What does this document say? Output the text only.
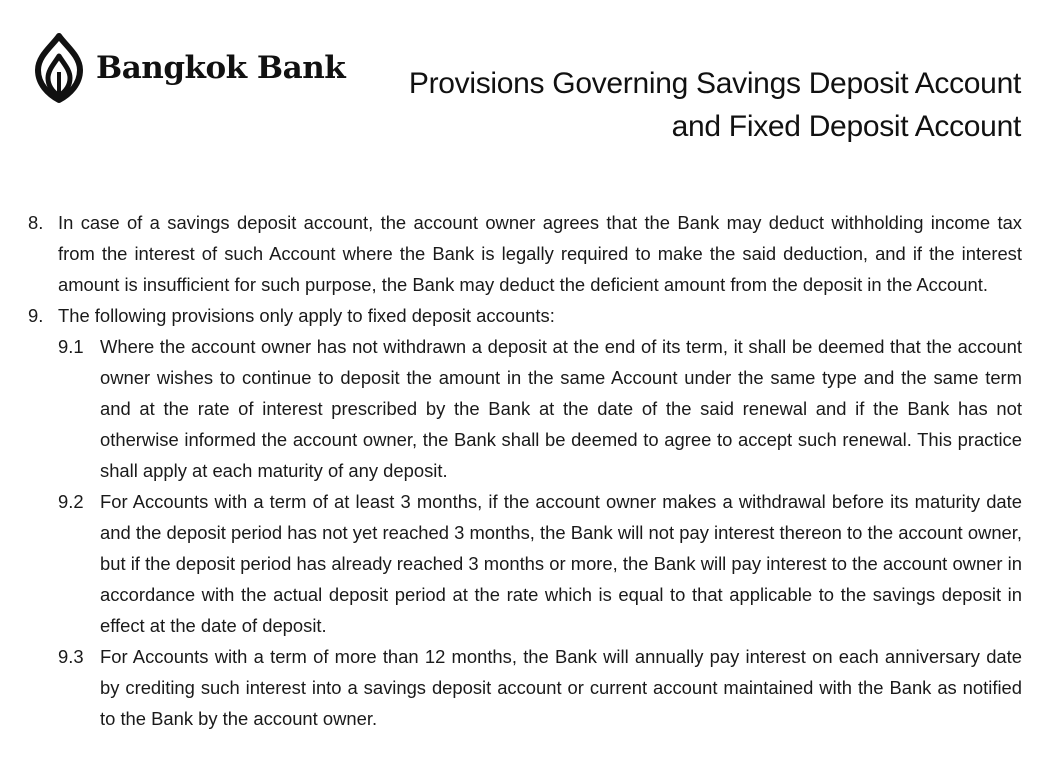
Bangkok Bank Provisions Governing Savings Deposit Account
and Fixed Deposit Account
8. In case of a savings deposit account, the account owner agrees that the Bank may deduct withholding income tax from the interest of such Account where the Bank is legally required to make the said deduction, and if the interest amount is insufficient for such purpose, the Bank may deduct the deficient amount from the deposit in the Account.
9. The following provisions only apply to fixed deposit accounts:
9.1 Where the account owner has not withdrawn a deposit at the end of its term, it shall be deemed that the account owner wishes to continue to deposit the amount in the same Account under the same type and the same term and at the rate of interest prescribed by the Bank at the date of the said renewal and if the Bank has not otherwise informed the account owner, the Bank shall be deemed to agree to accept such renewal. This practice shall apply at each maturity of any deposit.
9.2 For Accounts with a term of at least 3 months, if the account owner makes a withdrawal before its maturity date and the deposit period has not yet reached 3 months, the Bank will not pay interest thereon to the account owner, but if the deposit period has already reached 3 months or more, the Bank will pay interest to the account owner in accordance with the actual deposit period at the rate which is equal to that applicable to the savings deposit in effect at the date of deposit.
9.3 For Accounts with a term of more than 12 months, the Bank will annually pay interest on each anniversary date by crediting such interest into a savings deposit account or current account maintained with the Bank as notified to the Bank by the account owner.
